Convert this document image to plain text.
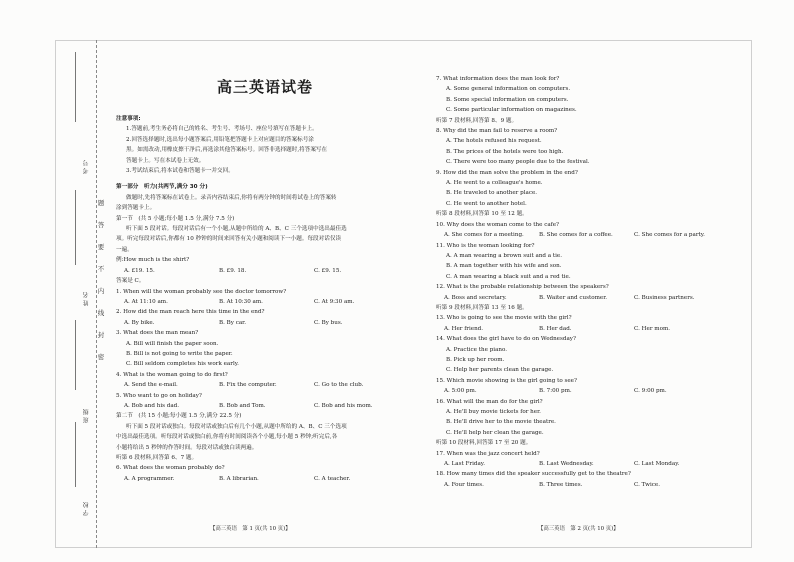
考号
姓名
班级
学校
题
答
要
不
内
线
封
密
高三英语试卷
注意事项:
1.答题前,考生务必将自己的姓名、考生号、考场号、座位号填写在答题卡上。
2.回答选择题时,选出每小题答案后,用铅笔把答题卡上对应题目的答案标号涂
黑。如需改动,用橡皮擦干净后,再选涂其他答案标号。回答非选择题时,将答案写在
答题卡上。写在本试卷上无效。
3.考试结束后,将本试卷和答题卡一并交回。
第一部分　听力(共两节,满分 30 分)
做题时,先将答案标在试卷上。录音内容结束后,你将有两分钟的时间将试卷上的答案转
涂到答题卡上。
第一节　(共 5 小题;每小题 1.5 分,满分 7.5 分)
听下面 5 段对话。每段对话后有一个小题,从题中所给的 A、B、C 三个选项中选出最佳选
项。听完每段对话后,你都有 10 秒钟的时间来回答有关小题和阅读下一小题。每段对话仅读
一遍。
例:How much is the shirt?
A. £19. 15.	B. £9. 18.	C. £9. 15.
答案是 C。
1. When will the woman probably see the doctor tomorrow?
A. At 11:10 am.	B. At 10:30 am.	C. At 9:30 am.
2. How did the man reach here this time in the end?
A. By bike.	B. By car.	C. By bus.
3. What does the man mean?
A. Bill will finish the paper soon.
B. Bill is not going to write the paper.
C. Bill seldom completes his work early.
4. What is the woman going to do first?
A. Send the e-mail.	B. Fix the computer.	C. Go to the club.
5. Who want to go on holiday?
A. Bob and his dad.	B. Bob and Tom.	C. Bob and his mom.
第二节　(共 15 小题;每小题 1.5 分,满分 22.5 分)
听下面 5 段对话或独白。每段对话或独白后有几个小题,从题中所给的 A、B、C 三个选项
中选出最佳选项。听每段对话或独白前,你将有时间阅读各个小题,每小题 5 秒钟;听完后,各
小题将给出 5 秒钟的作答时间。每段对话或独白读两遍。
听第 6 段材料,回答第 6、7 题。
6. What does the woman probably do?
A. A programmer.	B. A librarian.	C. A teacher.
7. What information does the man look for?
A. Some general information on computers.
B. Some special information on computers.
C. Some particular information on magazines.
听第 7 段材料,回答第 8、9 题。
8. Why did the man fail to reserve a room?
A. The hotels refused his request.
B. The prices of the hotels were too high.
C. There were too many people due to the festival.
9. How did the man solve the problem in the end?
A. He went to a colleague's home.
B. He traveled to another place.
C. He went to another hotel.
听第 8 段材料,回答第 10 至 12 题。
10. Why does the woman come to the cafe?
A. She comes for a meeting.	B. She comes for a coffee.	C. She comes for a party.
11. Who is the woman looking for?
A. A man wearing a brown suit and a tie.
B. A man together with his wife and son.
C. A man wearing a black suit and a red tie.
12. What is the probable relationship between the speakers?
A. Boss and secretary.	B. Waiter and customer.	C. Business partners.
听第 9 段材料,回答第 13 至 16 题。
13. Who is going to see the movie with the girl?
A. Her friend.	B. Her dad.	C. Her mom.
14. What does the girl have to do on Wednesday?
A. Practice the piano.
B. Pick up her room.
C. Help her parents clean the garage.
15. Which movie showing is the girl going to see?
A. 5:00 pm.	B. 7:00 pm.	C. 9:00 pm.
16. What will the man do for the girl?
A. He'll buy movie tickets for her.
B. He'll drive her to the movie theatre.
C. He'll help her clean the garage.
听第 10 段材料,回答第 17 至 20 题。
17. When was the jazz concert held?
A. Last Friday.	B. Last Wednesday.	C. Last Monday.
18. How many times did the speaker successfully get to the theatre?
A. Four times.	B. Three times.	C. Twice.
【高三英语　第 1 页(共 10 页)】	【高三英语　第 2 页(共 10 页)】
